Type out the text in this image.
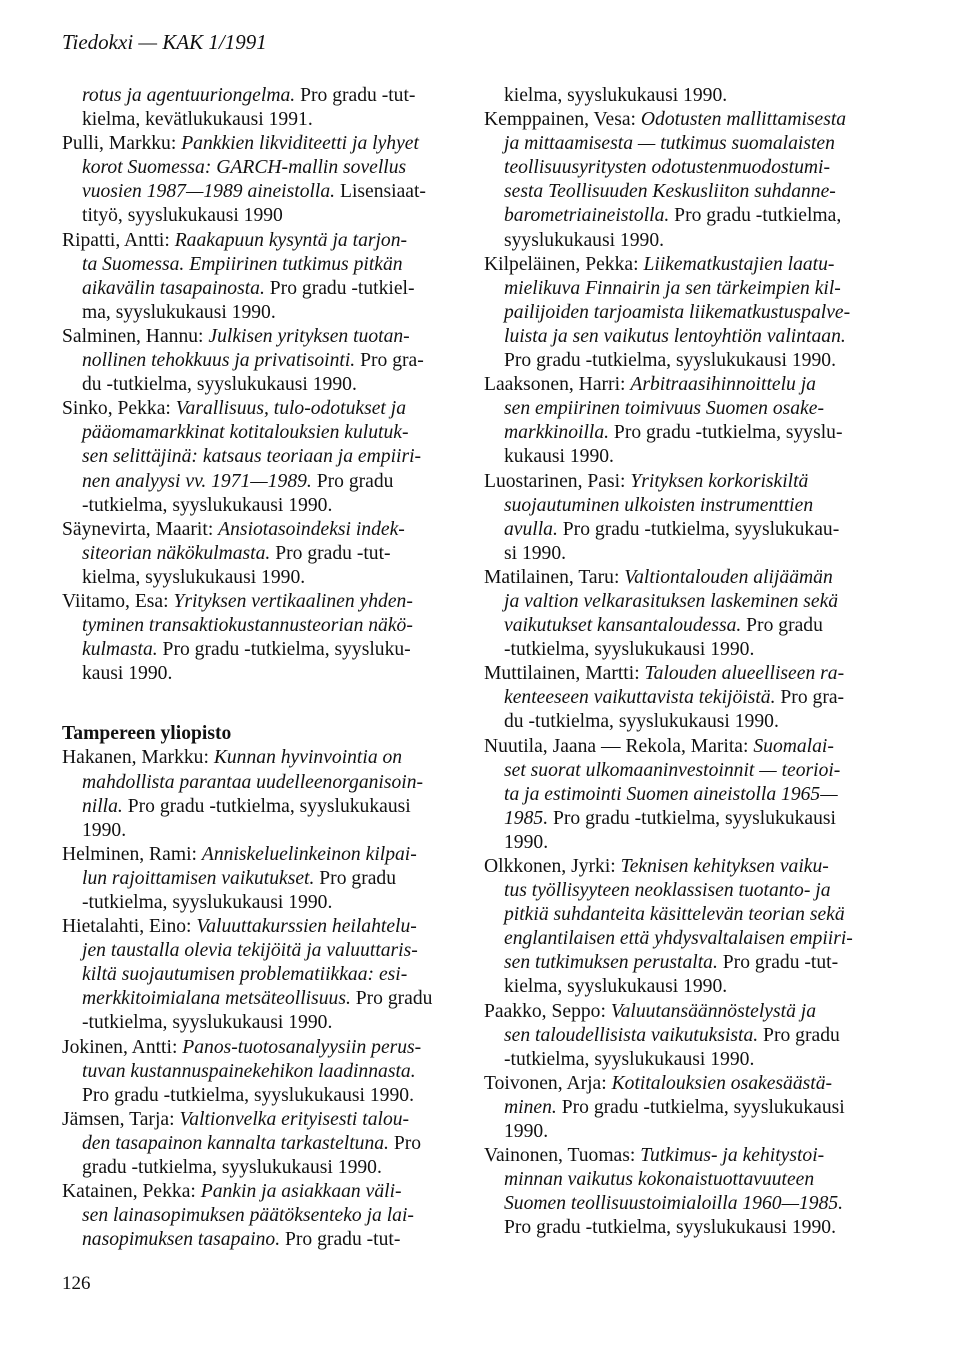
Tiedokxi — KAK 1/1991
rotus ja agentuuriongelma. Pro gradu -tut-
kielma, kevätlukukausi 1991.
Pulli, Markku: Pankkien likviditeetti ja lyhyet
korot Suomessa: GARCH-mallin sovellus
vuosien 1987—1989 aineistolla. Lisensiaat-
tityö, syyslukukausi 1990
Ripatti, Antti: Raakapuun kysyntä ja tarjon-
ta Suomessa. Empiirinen tutkimus pitkän
aikavälin tasapainosta. Pro gradu -tutkiel-
ma, syyslukukausi 1990.
Salminen, Hannu: Julkisen yrityksen tuotan-
nollinen tehokkuus ja privatisointi. Pro gra-
du -tutkielma, syyslukukausi 1990.
Sinko, Pekka: Varallisuus, tulo-odotukset ja
pääomamarkkinat kotitalouksien kulutuk-
sen selittäjinä: katsaus teoriaan ja empiiri-
nen analyysi vv. 1971—1989. Pro gradu
-tutkielma, syyslukukausi 1990.
Säynevirta, Maarit: Ansiotasoindeksi indek-
siteorian näkökulmasta. Pro gradu -tut-
kielma, syyslukukausi 1990.
Viitamo, Esa: Yrityksen vertikaalinen yhden-
tyminen transaktiokustannusteorian näkö-
kulmasta. Pro gradu -tutkielma, syysluku-
kausi 1990.
Tampereen yliopisto
Hakanen, Markku: Kunnan hyvinvointia on
mahdollista parantaa uudelleenorganisoin-
nilla. Pro gradu -tutkielma, syyslukukausi
1990.
Helminen, Rami: Anniskeluelinkeinon kilpai-
lun rajoittamisen vaikutukset. Pro gradu
-tutkielma, syyslukukausi 1990.
Hietalahti, Eino: Valuuttakurssien heilahtelu-
jen taustalla olevia tekijöitä ja valuuttaris-
kiltä suojautumisen problematiikkaa: esi-
merkkitoimialana metsäteollisuus. Pro gradu
-tutkielma, syyslukukausi 1990.
Jokinen, Antti: Panos-tuotosanalyysiin perus-
tuvan kustannuspainekehikon laadinnasta.
Pro gradu -tutkielma, syyslukukausi 1990.
Jämsen, Tarja: Valtionvelka erityisesti talou-
den tasapainon kannalta tarkasteltuna. Pro
gradu -tutkielma, syyslukukausi 1990.
Katainen, Pekka: Pankin ja asiakkaan väli-
sen lainasopimuksen päätöksenteko ja lai-
nasopimuksen tasapaino. Pro gradu -tut-
kielma, syyslukukausi 1990.
Kemppainen, Vesa: Odotusten mallittamisesta
ja mittaamisesta — tutkimus suomalaisten
teollisuusyritysten odotustenmuodostumi-
sesta Teollisuuden Keskusliiton suhdanne-
barometriaineistolla. Pro gradu -tutkielma,
syyslukukausi 1990.
Kilpeläinen, Pekka: Liikematkustajien laatu-
mielikuva Finnairin ja sen tärkeimpien kil-
pailijoiden tarjoamista liikematkustuspalve-
luista ja sen vaikutus lentoyhtiön valintaan.
Pro gradu -tutkielma, syyslukukausi 1990.
Laaksonen, Harri: Arbitraasihinnoittelu ja
sen empiirinen toimivuus Suomen osake-
markkinoilla. Pro gradu -tutkielma, syyslu-
kukausi 1990.
Luostarinen, Pasi: Yrityksen korkoriskiltä
suojautuminen ulkoisten instrumenttien
avulla. Pro gradu -tutkielma, syyslukukau-
si 1990.
Matilainen, Taru: Valtiontalouden alijäämän
ja valtion velkarasituksen laskeminen sekä
vaikutukset kansantaloudessa. Pro gradu
-tutkielma, syyslukukausi 1990.
Muttilainen, Martti: Talouden alueelliseen ra-
kenteeseen vaikuttavista tekijöistä. Pro gra-
du -tutkielma, syyslukukausi 1990.
Nuutila, Jaana — Rekola, Marita: Suomalai-
set suorat ulkomaaninvestoinnit — teorioi-
ta ja estimointi Suomen aineistolla 1965—
1985. Pro gradu -tutkielma, syyslukukausi
1990.
Olkkonen, Jyrki: Teknisen kehityksen vaiku-
tus työllisyyteen neoklassisen tuotanto- ja
pitkiä suhdanteita käsittelevän teorian sekä
englantilaisen että yhdysvaltalaisen empiiri-
sen tutkimuksen perustalta. Pro gradu -tut-
kielma, syyslukukausi 1990.
Paakko, Seppo: Valuutansäännöstelystä ja
sen taloudellisista vaikutuksista. Pro gradu
-tutkielma, syyslukukausi 1990.
Toivonen, Arja: Kotitalouksien osakesäästä-
minen. Pro gradu -tutkielma, syyslukukausi
1990.
Vainonen, Tuomas: Tutkimus- ja kehitystoi-
minnan vaikutus kokonaistuottavuuteen
Suomen teollisuustoimialoilla 1960—1985.
Pro gradu -tutkielma, syyslukukausi 1990.
126
